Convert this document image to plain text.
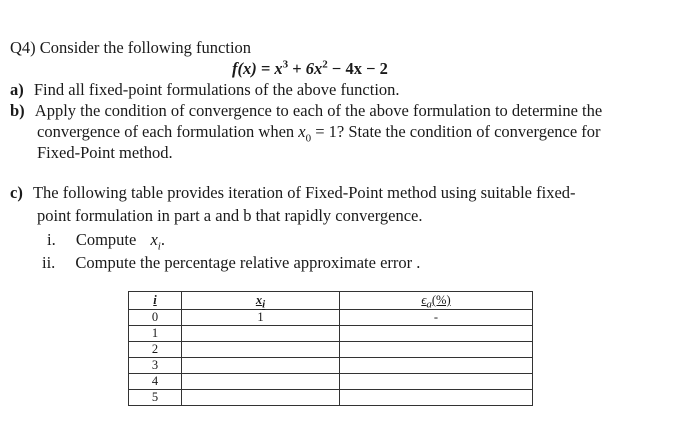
Q4) Consider the following function
$f(x) = x^3 + 6x^2 - 4x - 2$
a) Find all fixed-point formulations of the above function.
b) Apply the condition of convergence to each of the above formulation to determine the
convergence of each formulation when $x_0 = 1$? State the condition of convergence for
Fixed-Point method.
c) The following table provides iteration of Fixed-Point method using suitable fixed-
point formulation in part a and b that rapidly convergence.
i. Compute $x_i$.
ii. Compute the percentage relative approximate error .
i	$x_i$	$\epsilon_a(\%)$
0	1	-
1		
2		
3		
4		
5		
